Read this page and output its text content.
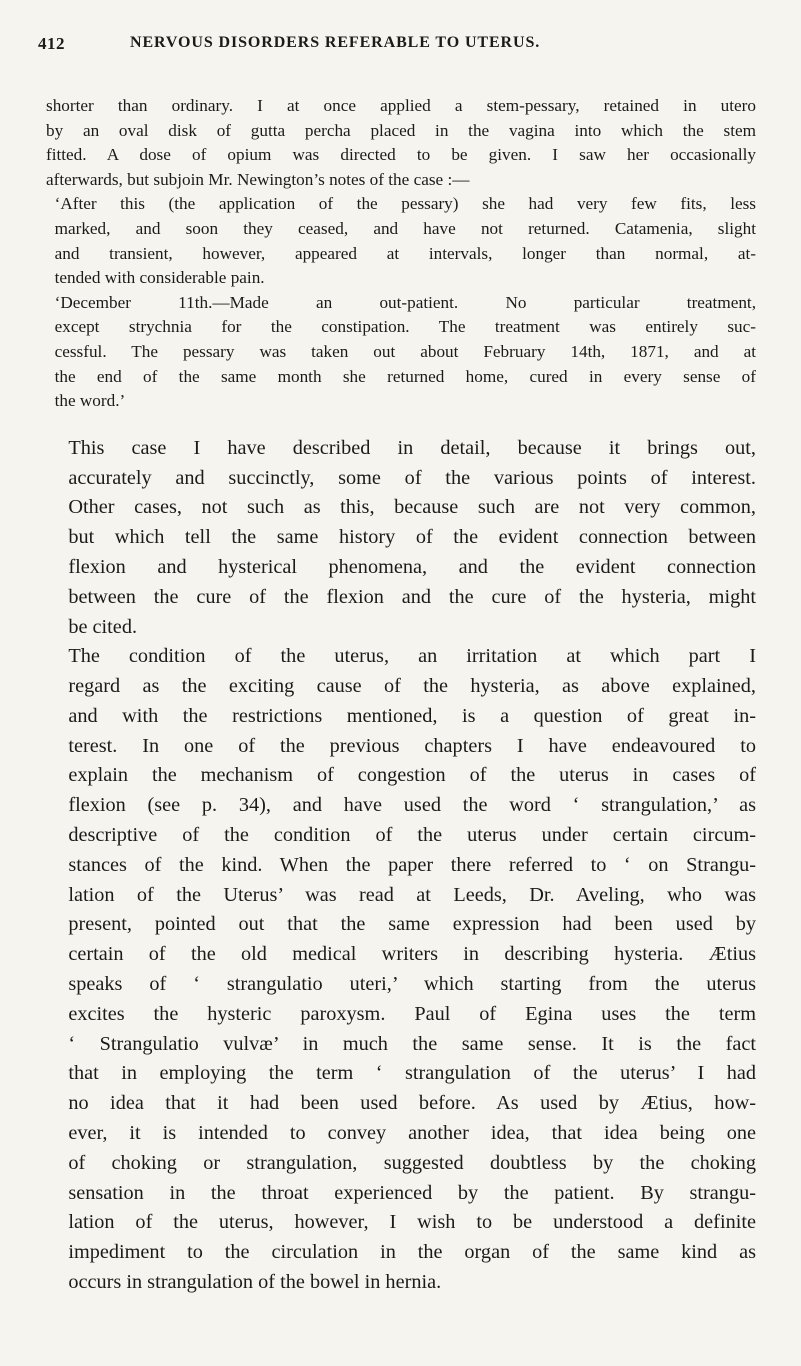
412	NERVOUS DISORDERS REFERABLE TO UTERUS.

shorter than ordinary. I at once applied a stem-pessary, retained in utero
by an oval disk of gutta percha placed in the vagina into which the stem
fitted. A dose of opium was directed to be given. I saw her occasionally
afterwards, but subjoin Mr. Newington’s notes of the case :—

‘After this (the application of the pessary) she had very few fits, less
marked, and soon they ceased, and have not returned. Catamenia, slight
and transient, however, appeared at intervals, longer than normal, at-
tended with considerable pain.

‘December 11th.—Made an out-patient. No particular treatment,
except strychnia for the constipation. The treatment was entirely suc-
cessful. The pessary was taken out about February 14th, 1871, and at
the end of the same month she returned home, cured in every sense of
the word.’

This case I have described in detail, because it brings out,
accurately and succinctly, some of the various points of interest.
Other cases, not such as this, because such are not very common,
but which tell the same history of the evident connection between
flexion and hysterical phenomena, and the evident connection
between the cure of the flexion and the cure of the hysteria, might
be cited.

The condition of the uterus, an irritation at which part I
regard as the exciting cause of the hysteria, as above explained,
and with the restrictions mentioned, is a question of great in-
terest. In one of the previous chapters I have endeavoured to
explain the mechanism of congestion of the uterus in cases of
flexion (see p. 34), and have used the word ‘ strangulation,’ as
descriptive of the condition of the uterus under certain circum-
stances of the kind. When the paper there referred to ‘ on Strangu-
lation of the Uterus’ was read at Leeds, Dr. Aveling, who was
present, pointed out that the same expression had been used by
certain of the old medical writers in describing hysteria. Ætius
speaks of ‘ strangulatio uteri,’ which starting from the uterus
excites the hysteric paroxysm. Paul of Egina uses the term
‘ Strangulatio vulvæ’ in much the same sense. It is the fact
that in employing the term ‘ strangulation of the uterus’ I had
no idea that it had been used before. As used by Ætius, how-
ever, it is intended to convey another idea, that idea being one
of choking or strangulation, suggested doubtless by the choking
sensation in the throat experienced by the patient. By strangu-
lation of the uterus, however, I wish to be understood a definite
impediment to the circulation in the organ of the same kind as
occurs in strangulation of the bowel in hernia.
